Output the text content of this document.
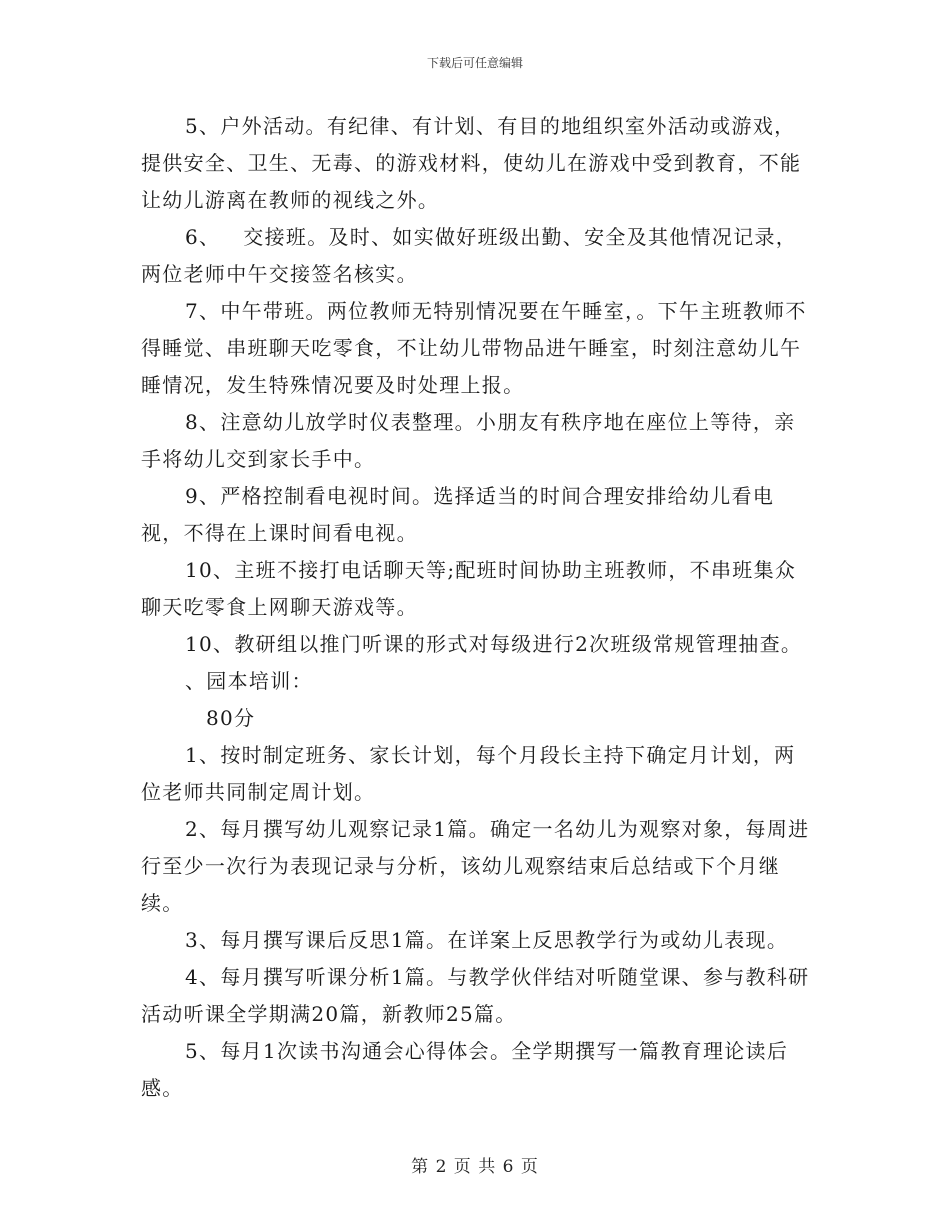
下载后可任意编辑

5、户外活动。有纪律、有计划、有目的地组织室外活动或游戏，提供安全、卫生、无毒、的游戏材料，使幼儿在游戏中受到教育，不能让幼儿游离在教师的视线之外。

6、   交接班。及时、如实做好班级出勤、安全及其他情况记录，两位老师中午交接签名核实。

7、中午带班。两位教师无特别情况要在午睡室，。下午主班教师不得睡觉、串班聊天吃零食，不让幼儿带物品进午睡室，时刻注意幼儿午睡情况，发生特殊情况要及时处理上报。

8、注意幼儿放学时仪表整理。小朋友有秩序地在座位上等待，亲手将幼儿交到家长手中。

9、严格控制看电视时间。选择适当的时间合理安排给幼儿看电视，不得在上课时间看电视。

10、主班不接打电话聊天等;配班时间协助主班教师，不串班集众聊天吃零食上网聊天游戏等。

10、教研组以推门听课的形式对每级进行2次班级常规管理抽查。

、园本培训：

80分

1、按时制定班务、家长计划，每个月段长主持下确定月计划，两位老师共同制定周计划。

2、每月撰写幼儿观察记录1篇。确定一名幼儿为观察对象，每周进行至少一次行为表现记录与分析，该幼儿观察结束后总结或下个月继续。

3、每月撰写课后反思1篇。在详案上反思教学行为或幼儿表现。

4、每月撰写听课分析1篇。与教学伙伴结对听随堂课、参与教科研活动听课全学期满20篇，新教师25篇。

5、每月1次读书沟通会心得体会。全学期撰写一篇教育理论读后感。

第 2 页 共 6 页
